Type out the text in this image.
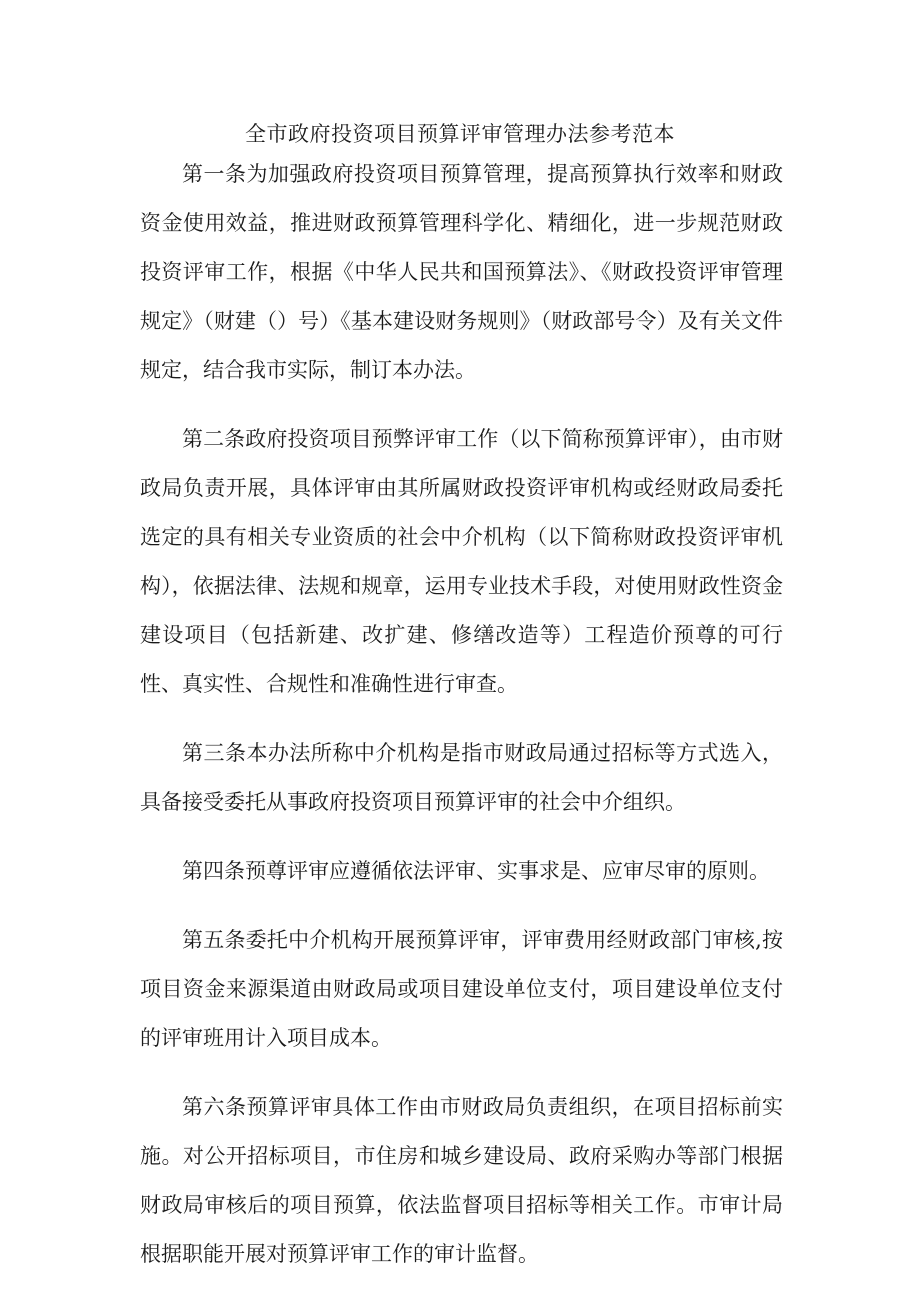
全市政府投资项目预算评审管理办法参考范本

第一条为加强政府投资项目预算管理，提高预算执行效率和财政资金使用效益，推进财政预算管理科学化、精细化，进一步规范财政投资评审工作，根据《中华人民共和国预算法》、《财政投资评审管理规定》（财建（）号）《基本建设财务规则》（财政部号令）及有关文件规定，结合我市实际，制订本办法。

第二条政府投资项目预弊评审工作（以下简称预算评审），由市财政局负责开展，具体评审由其所属财政投资评审机构或经财政局委托选定的具有相关专业资质的社会中介机构（以下简称财政投资评审机构），依据法律、法规和规章，运用专业技术手段，对使用财政性资金建设项目（包括新建、改扩建、修缮改造等）工程造价预尊的可行性、真实性、合规性和准确性进行审查。

第三条本办法所称中介机构是指市财政局通过招标等方式选入，具备接受委托从事政府投资项目预算评审的社会中介组织。

第四条预尊评审应遵循依法评审、实事求是、应审尽审的原则。

第五条委托中介机构开展预算评审，评审费用经财政部门审核,按项目资金来源渠道由财政局或项目建设单位支付，项目建设单位支付的评审班用计入项目成本。

第六条预算评审具体工作由市财政局负责组织，在项目招标前实施。对公开招标项目，市住房和城乡建设局、政府采购办等部门根据财政局审核后的项目预算，依法监督项目招标等相关工作。市审计局根据职能开展对预算评审工作的审计监督。
